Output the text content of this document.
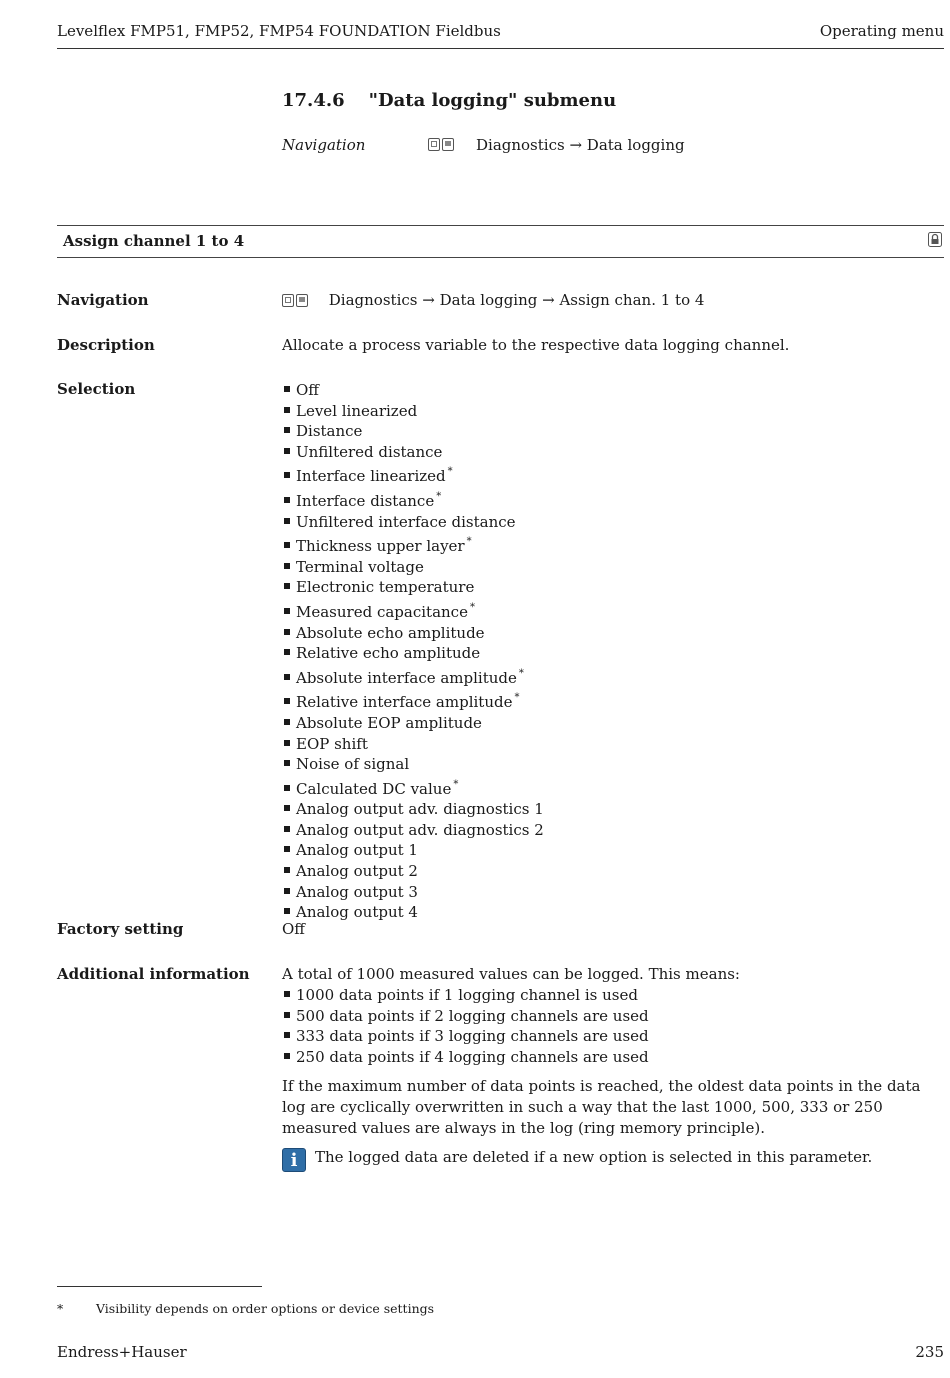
Levelflex FMP51, FMP52, FMP54 FOUNDATION Fieldbus	Operating menu
17.4.6 "Data logging" submenu
Navigation	Diagnostics → Data logging
Assign channel 1 to 4
Navigation	Diagnostics → Data logging → Assign chan. 1 to 4
Description	Allocate a process variable to the respective data logging channel.
Selection	Off
Level linearized
Distance
Unfiltered distance
Interface linearized *
Interface distance *
Unfiltered interface distance
Thickness upper layer *
Terminal voltage
Electronic temperature
Measured capacitance *
Absolute echo amplitude
Relative echo amplitude
Absolute interface amplitude *
Relative interface amplitude *
Absolute EOP amplitude
EOP shift
Noise of signal
Calculated DC value *
Analog output adv. diagnostics 1
Analog output adv. diagnostics 2
Analog output 1
Analog output 2
Analog output 3
Analog output 4
Factory setting	Off
Additional information A total of 1000 measured values can be logged. This means:
1000 data points if 1 logging channel is used
500 data points if 2 logging channels are used
333 data points if 3 logging channels are used
250 data points if 4 logging channels are used
If the maximum number of data points is reached, the oldest data points in the data log are cyclically overwritten in such a way that the last 1000, 500, 333 or 250 measured values are always in the log (ring memory principle).
i	The logged data are deleted if a new option is selected in this parameter.
*	Visibility depends on order options or device settings
Endress+Hauser	235
